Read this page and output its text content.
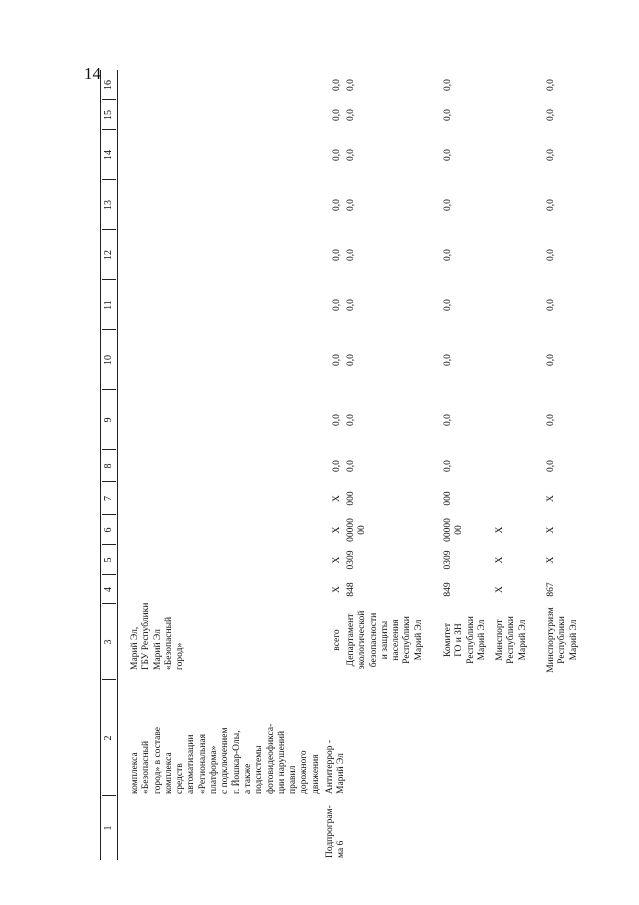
14
комплекса
«Безопасный
город» в составе
комплекса
средств
автоматизации
«Региональная
платформа»
с подключением
г. Йошкар-Олы,
а также
подсистемы
фотовидеофикса-
ции нарушений
правил
дорожного
движения
Марий Эл,
ГБУ Республики
Марий Эл
«Безопасный
город»
Подпрограм-
ма 6
Антитеррор -
Марий Эл
1
2
3
4
5
6
7
8
9
10
11
12
13
14
15
16
всего
X
X
X
X
0,0
0,0
0,0
0,0
0,0
0,0
0,0
0,0
0,0
Департамент
экологической
безопасности
и защиты
населения
Республики
Марий Эл
848
0309
00000
00
000
0,0
0,0
0,0
0,0
0,0
0,0
0,0
0,0
0,0
Комитет
ГО и ЗН
Республики
Марий Эл
849
0309
00000
00
000
0,0
0,0
0,0
0,0
0,0
0,0
0,0
0,0
0,0
Минспорт
Республики
Марий Эл
X
X
X
Минспортуризм
Республики
Марий Эл
867
X
X
X
0,0
0,0
0,0
0,0
0,0
0,0
0,0
0,0
0,0
